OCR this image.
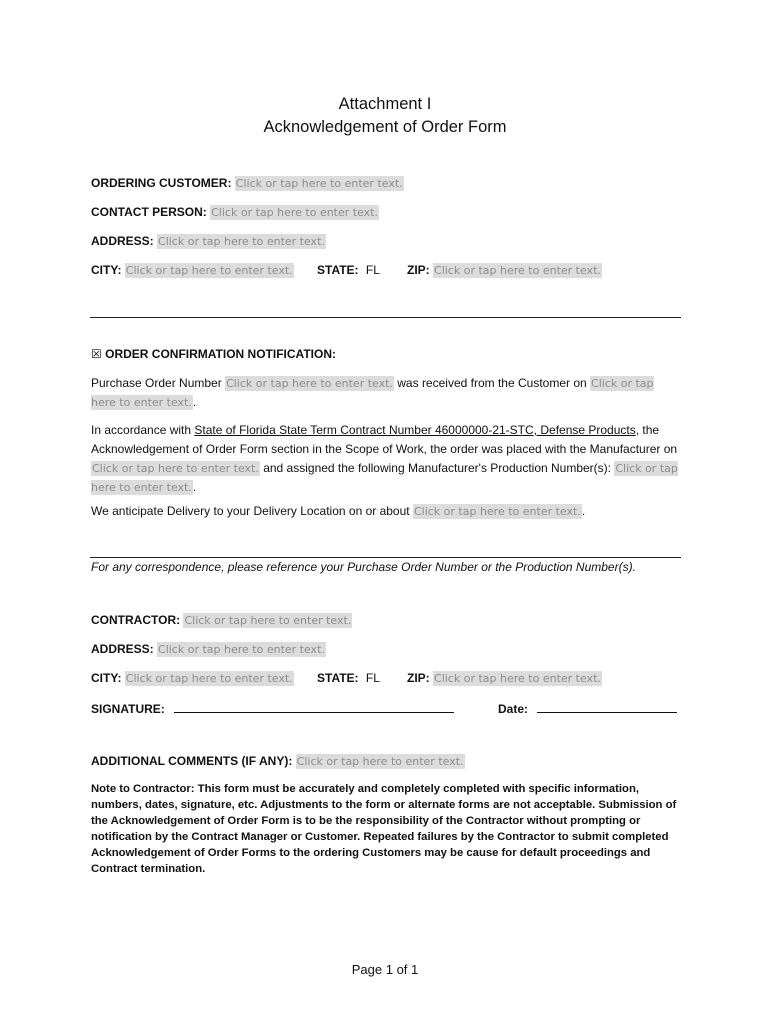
Attachment I
Acknowledgement of Order Form
ORDERING CUSTOMER: Click or tap here to enter text.
CONTACT PERSON: Click or tap here to enter text.
ADDRESS: Click or tap here to enter text.
CITY: Click or tap here to enter text. STATE: FL ZIP: Click or tap here to enter text.
☒ ORDER CONFIRMATION NOTIFICATION:
Purchase Order Number Click or tap here to enter text. was received from the Customer on Click or tap here to enter text..
In accordance with State of Florida State Term Contract Number 46000000-21-STC, Defense Products, the Acknowledgement of Order Form section in the Scope of Work, the order was placed with the Manufacturer on Click or tap here to enter text. and assigned the following Manufacturer's Production Number(s): Click or tap here to enter text..
We anticipate Delivery to your Delivery Location on or about Click or tap here to enter text..
For any correspondence, please reference your Purchase Order Number or the Production Number(s).
CONTRACTOR: Click or tap here to enter text.
ADDRESS: Click or tap here to enter text.
CITY: Click or tap here to enter text. STATE: FL ZIP: Click or tap here to enter text.
SIGNATURE:	Date:
ADDITIONAL COMMENTS (IF ANY): Click or tap here to enter text.
Note to Contractor: This form must be accurately and completely completed with specific information, numbers, dates, signature, etc. Adjustments to the form or alternate forms are not acceptable. Submission of the Acknowledgement of Order Form is to be the responsibility of the Contractor without prompting or notification by the Contract Manager or Customer. Repeated failures by the Contractor to submit completed Acknowledgement of Order Forms to the ordering Customers may be cause for default proceedings and Contract termination.
Page 1 of 1
